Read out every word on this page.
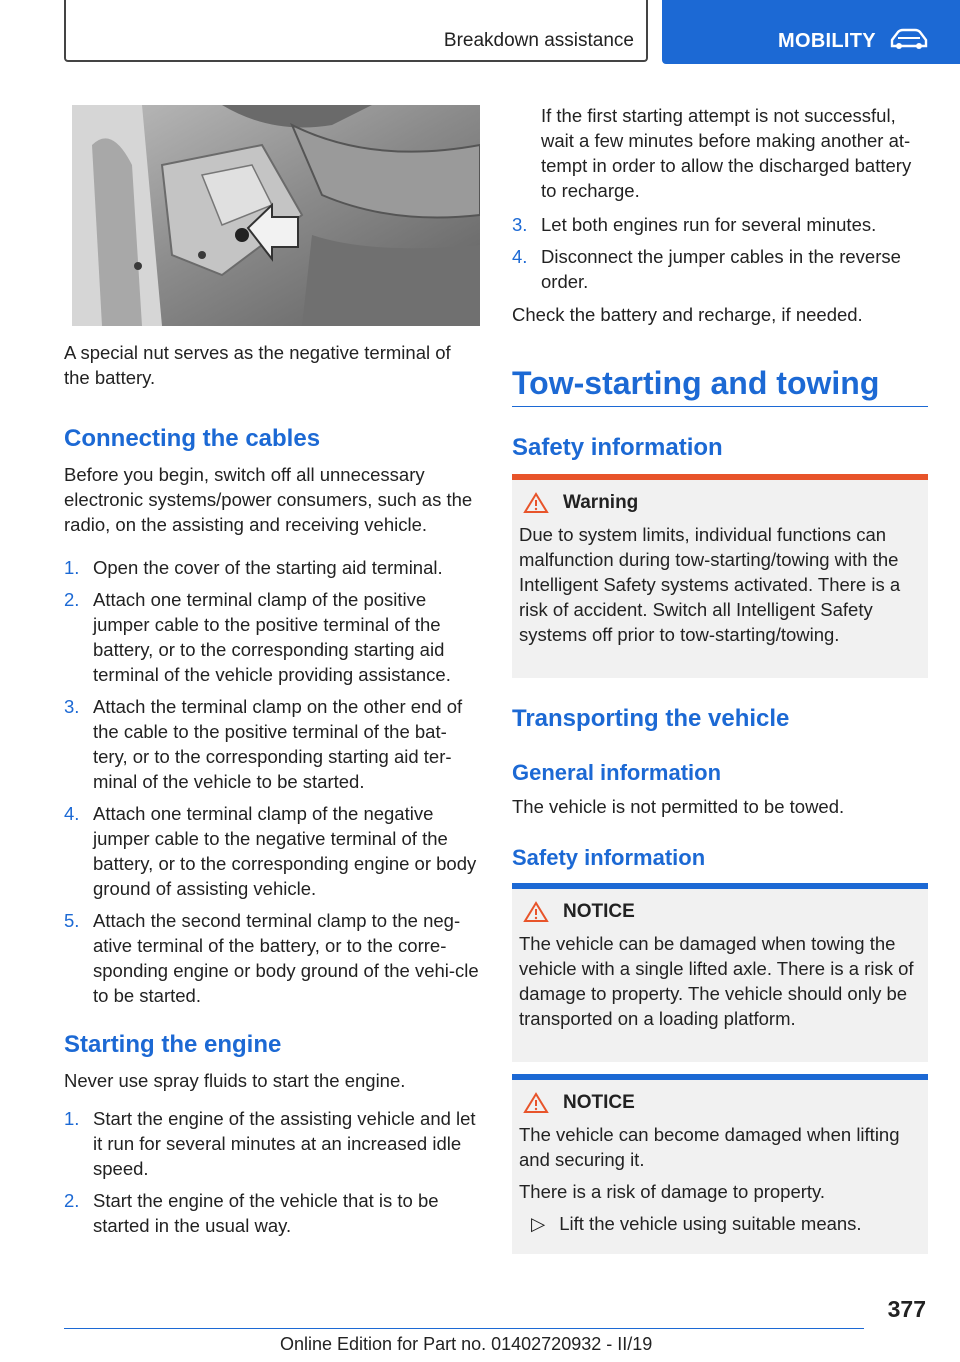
Breakdown assistance	MOBILITY

A special nut serves as the negative terminal of the battery.

Connecting the cables

Before you begin, switch off all unnecessary electronic systems/power consumers, such as the radio, on the assisting and receiving vehicle.

1. Open the cover of the starting aid terminal.
2. Attach one terminal clamp of the positive jumper cable to the positive terminal of the battery, or to the corresponding starting aid terminal of the vehicle providing assistance.
3. Attach the terminal clamp on the other end of the cable to the positive terminal of the bat-tery, or to the corresponding starting aid ter-minal of the vehicle to be started.
4. Attach one terminal clamp of the negative jumper cable to the negative terminal of the battery, or to the corresponding engine or body ground of assisting vehicle.
5. Attach the second terminal clamp to the neg-ative terminal of the battery, or to the corre-sponding engine or body ground of the vehi-cle to be started.
Starting the engine

Never use spray fluids to start the engine.

1. Start the engine of the assisting vehicle and let it run for several minutes at an increased idle speed.
2. Start the engine of the vehicle that is to be started in the usual way.

If the first starting attempt is not successful, wait a few minutes before making another at-tempt in order to allow the discharged battery to recharge.

3. Let both engines run for several minutes.
4. Disconnect the jumper cables in the reverse order.

Check the battery and recharge, if needed.

Tow-starting and towing
Safety information
Warning

Due to system limits, individual functions can malfunction during tow-starting/towing with the Intelligent Safety systems activated. There is a risk of accident. Switch all Intelligent Safety systems off prior to tow-starting/towing.

Transporting the vehicle
General information

The vehicle is not permitted to be towed.

Safety information
NOTICE

The vehicle can be damaged when towing the vehicle with a single lifted axle. There is a risk of damage to property. The vehicle should only be transported on a loading platform.

NOTICE

The vehicle can become damaged when lifting and securing it.

There is a risk of damage to property.

▷ Lift the vehicle using suitable means.
377
Online Edition for Part no. 01402720932 - II/19
